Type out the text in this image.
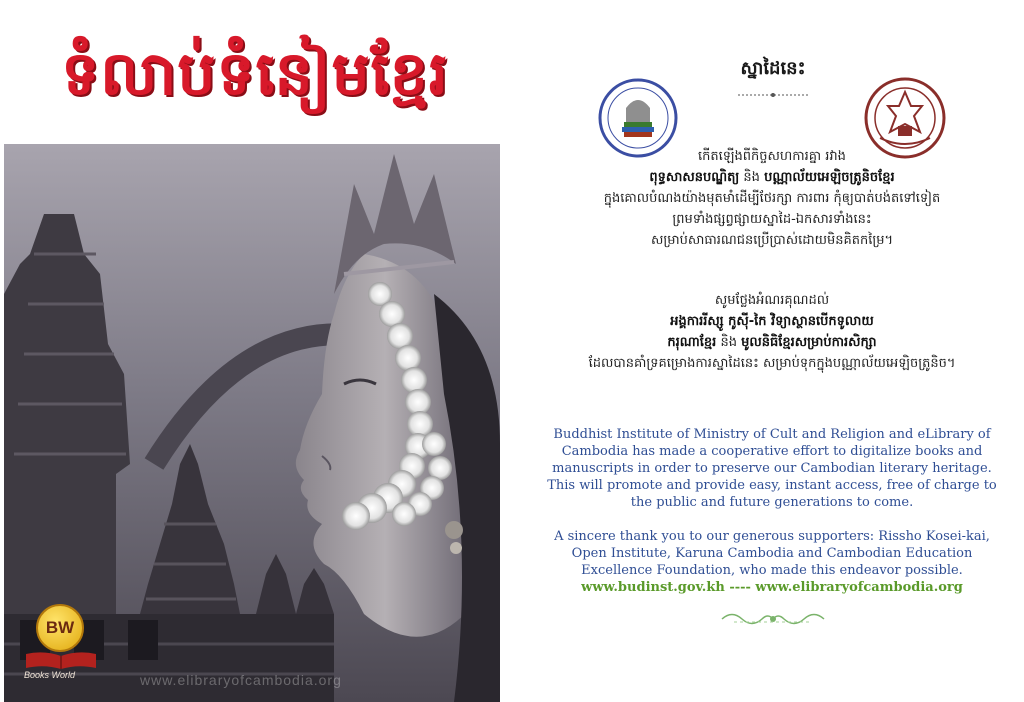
ទំលាប់ទំនៀមខ្មែរ
BW
Books World	www.elibraryofcambodia.org
ស្នាដៃនេះ

កើតឡើងពីកិច្ចសហការគ្នា រវាង

ពុទ្ធសាសនបណ្ឌិត្យ និង បណ្ណាល័យអេឡិចត្រូនិចខ្មែរ

ក្នុងគោលបំណងយ៉ាងមុតមាំដើម្បីថែរក្សា ការពារ កុំឲ្យបាត់បង់តទៅទៀត

ព្រមទាំងផ្សព្វផ្សាយស្នាដៃ-ឯកសារទាំងនេះ

សម្រាប់សាធារណជនប្រើប្រាស់ដោយមិនគិតកម្រៃ។

សូមថ្លែងអំណរគុណដល់

អង្គការរីស្សូ កូស៊ី-កៃ វិទ្យាស្ថានបើកទូលាយ

ករុណាខ្មែរ និង មូលនិធិខ្មែរសម្រាប់ការសិក្សា

ដែលបានគាំទ្រគម្រោងការស្នាដៃនេះ សម្រាប់ទុកក្នុងបណ្ណាល័យអេឡិចត្រូនិច។

Buddhist Institute of Ministry of Cult and Religion and eLibrary of Cambodia has made a cooperative effort to digitalize books and manuscripts in order to preserve our Cambodian literary heritage. This will promote and provide easy, instant access, free of charge to the public and future generations to come.

A sincere thank you to our generous supporters: Rissho Kosei-kai, Open Institute, Karuna Cambodia and Cambodian Education Excellence Foundation, who made this endeavor possible.

www.budinst.gov.kh ---- www.elibraryofcambodia.org
